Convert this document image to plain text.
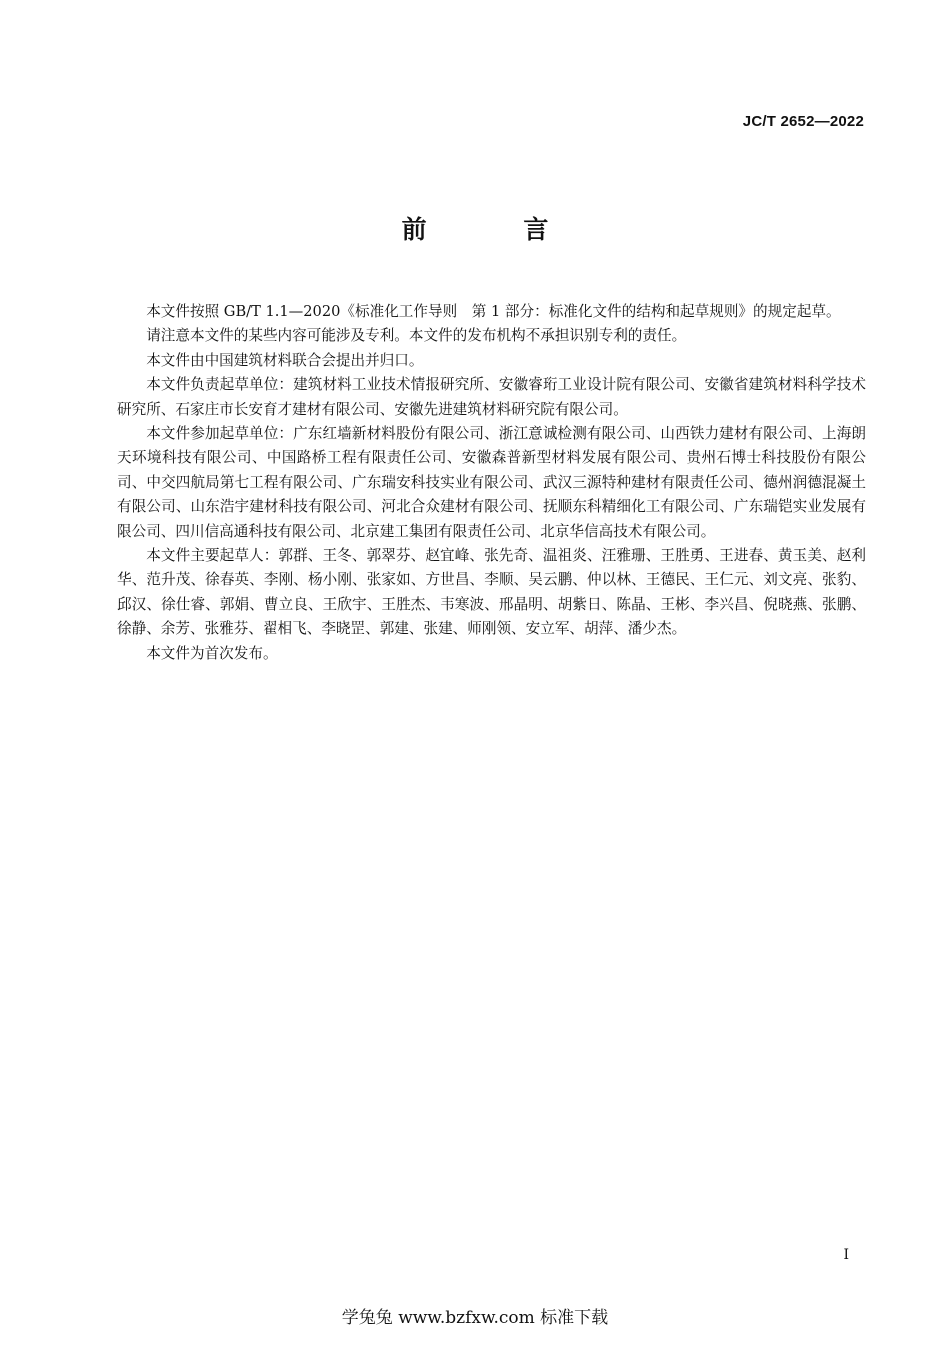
JC/T 2652—2022
前 言

本文件按照 GB/T 1.1—2020《标准化工作导则　第 1 部分：标准化文件的结构和起草规则》的规定起草。

请注意本文件的某些内容可能涉及专利。本文件的发布机构不承担识别专利的责任。

本文件由中国建筑材料联合会提出并归口。

本文件负责起草单位：建筑材料工业技术情报研究所、安徽睿珩工业设计院有限公司、安徽省建筑材料科学技术研究所、石家庄市长安育才建材有限公司、安徽先进建筑材料研究院有限公司。

本文件参加起草单位：广东红墙新材料股份有限公司、浙江意诚检测有限公司、山西铁力建材有限公司、上海朗天环境科技有限公司、中国路桥工程有限责任公司、安徽森普新型材料发展有限公司、贵州石博士科技股份有限公司、中交四航局第七工程有限公司、广东瑞安科技实业有限公司、武汉三源特种建材有限责任公司、德州润德混凝土有限公司、山东浩宇建材科技有限公司、河北合众建材有限公司、抚顺东科精细化工有限公司、广东瑞铠实业发展有限公司、四川信高通科技有限公司、北京建工集团有限责任公司、北京华信高技术有限公司。

本文件主要起草人：郭群、王冬、郭翠芬、赵宜峰、张先奇、温祖炎、汪雅珊、王胜勇、王进春、黄玉美、赵利华、范升茂、徐春英、李刚、杨小刚、张家如、方世昌、李顺、吴云鹏、仲以林、王德民、王仁元、刘文亮、张豹、邱汉、徐仕睿、郭娟、曹立良、王欣宇、王胜杰、韦寒波、邢晶明、胡紫日、陈晶、王彬、李兴昌、倪晓燕、张鹏、徐静、余芳、张雅芬、翟相飞、李晓罡、郭建、张建、师刚领、安立军、胡萍、潘少杰。

本文件为首次发布。

I
学兔兔 www.bzfxw.com 标准下载
